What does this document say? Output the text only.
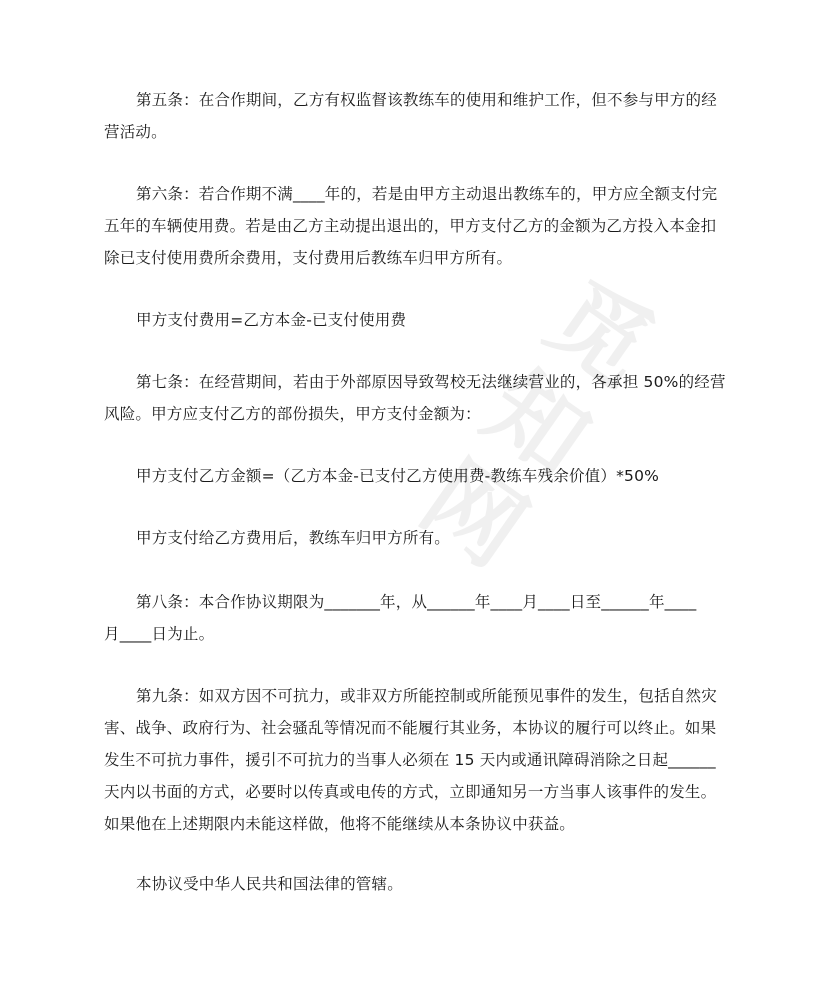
觅
知
网

第五条：在合作期间，乙方有权监督该教练车的使用和维护工作，但不参与甲方的经
营活动。

第六条：若合作期不满____年的，若是由甲方主动退出教练车的，甲方应全额支付完
五年的车辆使用费。若是由乙方主动提出退出的，甲方支付乙方的金额为乙方投入本金扣
除已支付使用费所余费用，支付费用后教练车归甲方所有。

甲方支付费用=乙方本金-已支付使用费

第七条：在经营期间，若由于外部原因导致驾校无法继续营业的，各承担 50%的经营
风险。甲方应支付乙方的部份损失，甲方支付金额为：

甲方支付乙方金额=（乙方本金-已支付乙方使用费-教练车残余价值）*50%

甲方支付给乙方费用后，教练车归甲方所有。

第八条：本合作协议期限为_______年，从______年____月____日至______年____
月____日为止。

第九条：如双方因不可抗力，或非双方所能控制或所能预见事件的发生，包括自然灾
害、战争、政府行为、社会骚乱等情况而不能履行其业务，本协议的履行可以终止。如果
发生不可抗力事件，援引不可抗力的当事人必须在 15 天内或通讯障碍消除之日起______
天内以书面的方式，必要时以传真或电传的方式，立即通知另一方当事人该事件的发生。
如果他在上述期限内未能这样做，他将不能继续从本条协议中获益。

本协议受中华人民共和国法律的管辖。
